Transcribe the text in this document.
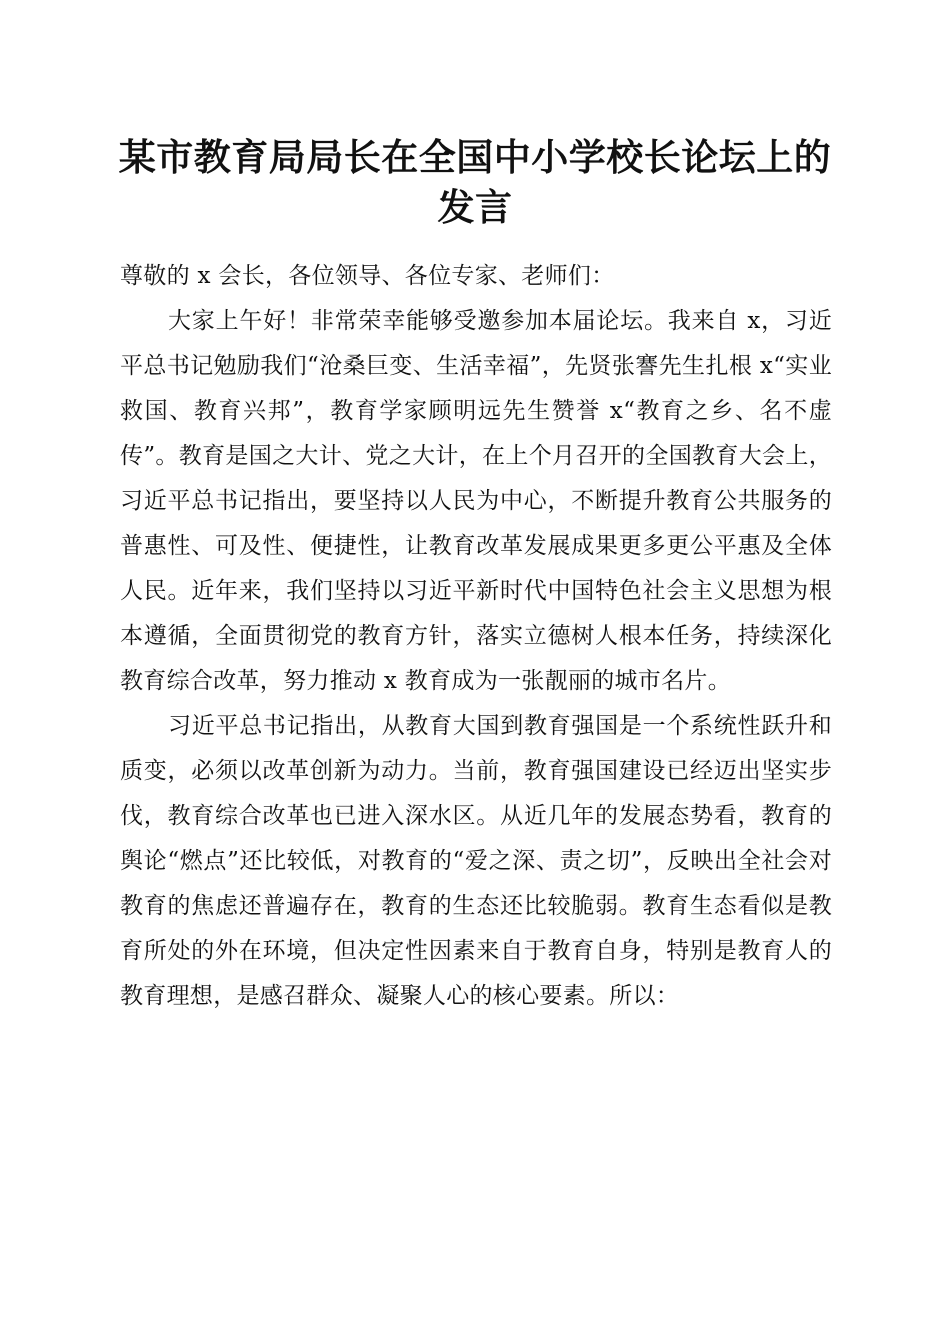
某市教育局局长在全国中小学校长论坛上的发言

尊敬的 x 会长，各位领导、各位专家、老师们：

大家上午好！非常荣幸能够受邀参加本届论坛。我来自 x，习近平总书记勉励我们“沧桑巨变、生活幸福”，先贤张謇先生扎根 x“实业救国、教育兴邦”，教育学家顾明远先生赞誉 x“教育之乡、名不虚传”。教育是国之大计、党之大计，在上个月召开的全国教育大会上，习近平总书记指出，要坚持以人民为中心，不断提升教育公共服务的普惠性、可及性、便捷性，让教育改革发展成果更多更公平惠及全体人民。近年来，我们坚持以习近平新时代中国特色社会主义思想为根本遵循，全面贯彻党的教育方针，落实立德树人根本任务，持续深化教育综合改革，努力推动 x 教育成为一张靓丽的城市名片。

习近平总书记指出，从教育大国到教育强国是一个系统性跃升和质变，必须以改革创新为动力。当前，教育强国建设已经迈出坚实步伐，教育综合改革也已进入深水区。从近几年的发展态势看，教育的舆论“燃点”还比较低，对教育的“爱之深、责之切”，反映出全社会对教育的焦虑还普遍存在，教育的生态还比较脆弱。教育生态看似是教育所处的外在环境，但决定性因素来自于教育自身，特别是教育人的教育理想，是感召群众、凝聚人心的核心要素。所以：
